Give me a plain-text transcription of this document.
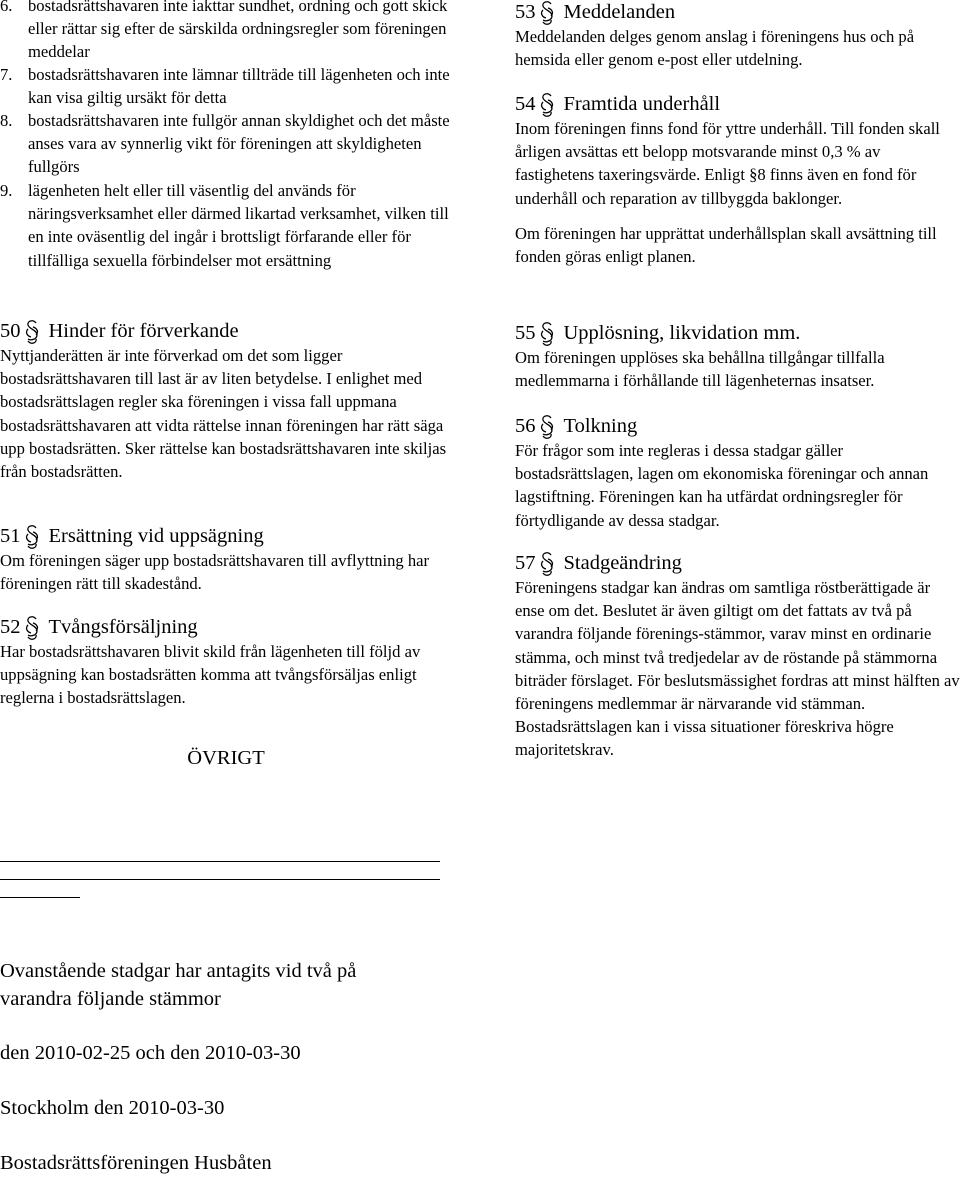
6. bostadsrättshavaren inte iakttar sundhet, ordning och gott skick eller rättar sig efter de särskilda ordningsregler som föreningen meddelar
7. bostadsrättshavaren inte lämnar tillträde till lägenheten och inte kan visa giltig ursäkt för detta
8. bostadsrättshavaren inte fullgör annan skyldighet och det måste anses vara av synnerlig vikt för föreningen att skyldigheten fullgörs
9. lägenheten helt eller till väsentlig del används för näringsverksamhet eller därmed likartad verksamhet, vilken till en inte oväsentlig del ingår i brottsligt förfarande eller för tillfälliga sexuella förbindelser mot ersättning
50 Hinder för förverkande

Nyttjanderätten är inte förverkad om det som ligger bostadsrättshavaren till last är av liten betydelse. I enlighet med bostadsrättslagen regler ska föreningen i vissa fall uppmana bostadsrättshavaren att vidta rättelse innan föreningen har rätt säga upp bostadsrätten. Sker rättelse kan bostadsrättshavaren inte skiljas från bostadsrätten.

51 Ersättning vid uppsägning

Om föreningen säger upp bostadsrättshavaren till avflyttning har föreningen rätt till skadestånd.

52 Tvångsförsäljning

Har bostadsrättshavaren blivit skild från lägenheten till följd av uppsägning kan bostadsrätten komma att tvångsförsäljas enligt reglerna i bostadsrättslagen.

ÖVRIGT
53 Meddelanden

Meddelanden delges genom anslag i föreningens hus och på hemsida eller genom e-post eller utdelning.

54 Framtida underhåll

Inom föreningen finns fond för yttre underhåll. Till fonden skall årligen avsättas ett belopp motsvarande minst 0,3 % av fastighetens taxeringsvärde. Enligt §8 finns även en fond för underhåll och reparation av tillbyggda baklonger.

Om föreningen har upprättat underhållsplan skall avsättning till fonden göras enligt planen.

55 Upplösning, likvidation mm.

Om föreningen upplöses ska behållna tillgångar tillfalla medlemmarna i förhållande till lägenheternas insatser.

56 Tolkning

För frågor som inte regleras i dessa stadgar gäller bostadsrättslagen, lagen om ekonomiska föreningar och annan lagstiftning. Föreningen kan ha utfärdat ordningsregler för förtydligande av dessa stadgar.

57 Stadgeändring

Föreningens stadgar kan ändras om samtliga röstberättigade är ense om det. Beslutet är även giltigt om det fattats av två på varandra följande förenings-stämmor, varav minst en ordinarie stämma, och minst två tredjedelar av de röstande på stämmorna biträder förslaget. För beslutsmässighet fordras att minst hälften av föreningens medlemmar är närvarande vid stämman. Bostadsrättslagen kan i vissa situationer föreskriva högre majoritetskrav.

Ovanstående stadgar har antagits vid två på varandra följande stämmor
den 2010-02-25 och den 2010-03-30
Stockholm den 2010-03-30
Bostadsrättsföreningen Husbåten
